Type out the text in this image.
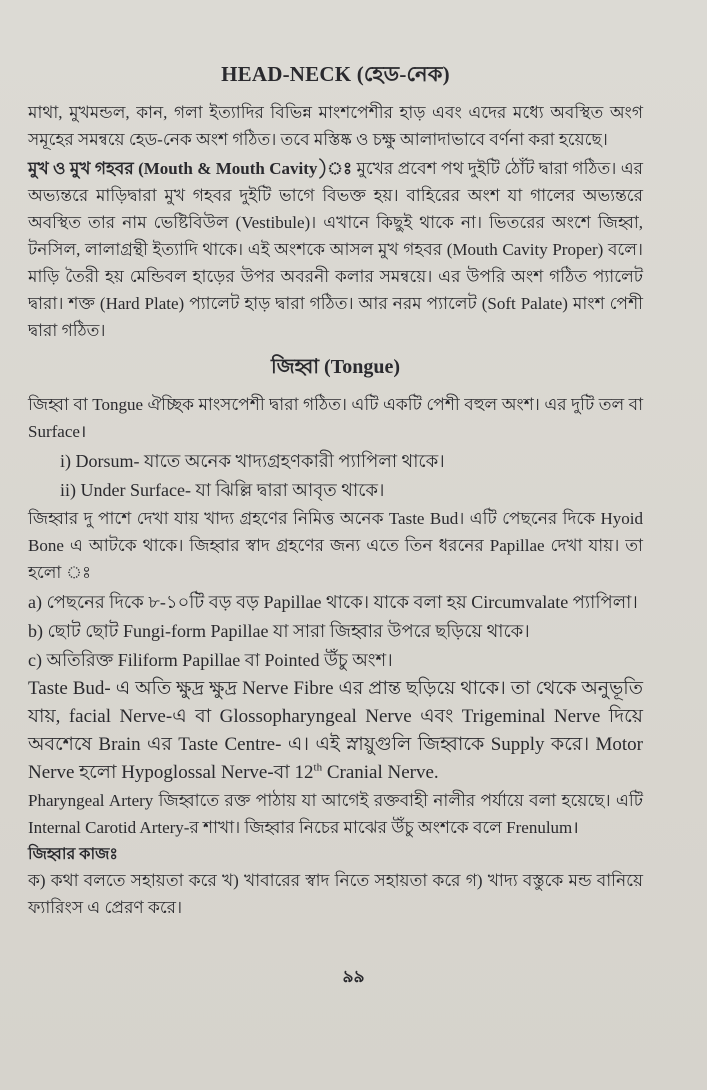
HEAD-NECK (হেড-নেক)

মাথা, মুখমন্ডল, কান, গলা ইত্যাদির বিভিন্ন মাংশপেশীর হাড় এবং এদের মধ্যে অবস্থিত অংগ সমূহের সমন্বয়ে হেড-নেক অংশ গঠিত। তবে মস্তিষ্ক ও চক্ষু আলাদাভাবে বর্ণনা করা হয়েছে।

মুখ ও মুখ গহবর (Mouth & Mouth Cavity)ঃ মুখের প্রবেশ পথ দুইটি ঠোঁট দ্বারা গঠিত। এর অভ্যন্তরে মাড়িদ্বারা মুখ গহবর দুইটি ভাগে বিভক্ত হয়। বাহিরের অংশ যা গালের অভ্যন্তরে অবস্থিত তার নাম ভেষ্টিবিউল (Vestibule)। এখানে কিছুই থাকে না। ভিতরের অংশে জিহ্বা, টনসিল, লালাগ্রন্থী ইত্যাদি থাকে। এই অংশকে আসল মুখ গহবর (Mouth Cavity Proper) বলে। মাড়ি তৈরী হয় মেন্ডিবল হাড়ের উপর অবরনী কলার সমন্বয়ে। এর উপরি অংশ গঠিত প্যালেট দ্বারা। শক্ত (Hard Plate) প্যালেট হাড় দ্বারা গঠিত। আর নরম প্যালেট (Soft Palate) মাংশ পেশী দ্বারা গঠিত।

জিহ্বা (Tongue)

জিহ্বা বা Tongue ঐচ্ছিক মাংসপেশী দ্বারা গঠিত। এটি একটি পেশী বহুল অংশ। এর দুটি তল বা Surface।

i) Dorsum- যাতে অনেক খাদ্যগ্রহণকারী প্যাপিলা থাকে।

ii) Under Surface- যা ঝিল্লি দ্বারা আবৃত থাকে।

জিহ্বার দু পাশে দেখা যায় খাদ্য গ্রহণের নিমিত্ত অনেক Taste Bud। এটি পেছনের দিকে Hyoid Bone এ আটকে থাকে। জিহ্বার স্বাদ গ্রহণের জন্য এতে তিন ধরনের Papillae দেখা যায়। তা হলো ঃ

a) পেছনের দিকে ৮-১০টি বড় বড় Papillae থাকে। যাকে বলা হয় Circumvalate প্যাপিলা।

b) ছোট ছোট Fungi-form Papillae যা সারা জিহ্বার উপরে ছড়িয়ে থাকে।

c) অতিরিক্ত Filiform Papillae বা Pointed উঁচু অংশ।

Taste Bud- এ অতি ক্ষুদ্র ক্ষুদ্র Nerve Fibre এর প্রান্ত ছড়িয়ে থাকে। তা থেকে অনুভূতি যায়, facial Nerve-এ বা Glossopharyngeal Nerve এবং Trigeminal Nerve দিয়ে অবশেষে Brain এর Taste Centre- এ। এই স্নায়ুগুলি জিহ্বাকে Supply করে। Motor Nerve হলো Hypoglossal Nerve-বা 12th Cranial Nerve.

Pharyngeal Artery জিহ্বাতে রক্ত পাঠায় যা আগেই রক্তবাহী নালীর পর্যায়ে বলা হয়েছে। এটি Internal Carotid Artery-র শাখা। জিহ্বার নিচের মাঝের উঁচু অংশকে বলে Frenulum।

জিহ্বার কাজঃ

ক) কথা বলতে সহায়তা করে খ) খাবারের স্বাদ নিতে সহায়তা করে গ) খাদ্য বস্তুকে মন্ড বানিয়ে ফ্যারিংস এ প্রেরণ করে।

৯৯
